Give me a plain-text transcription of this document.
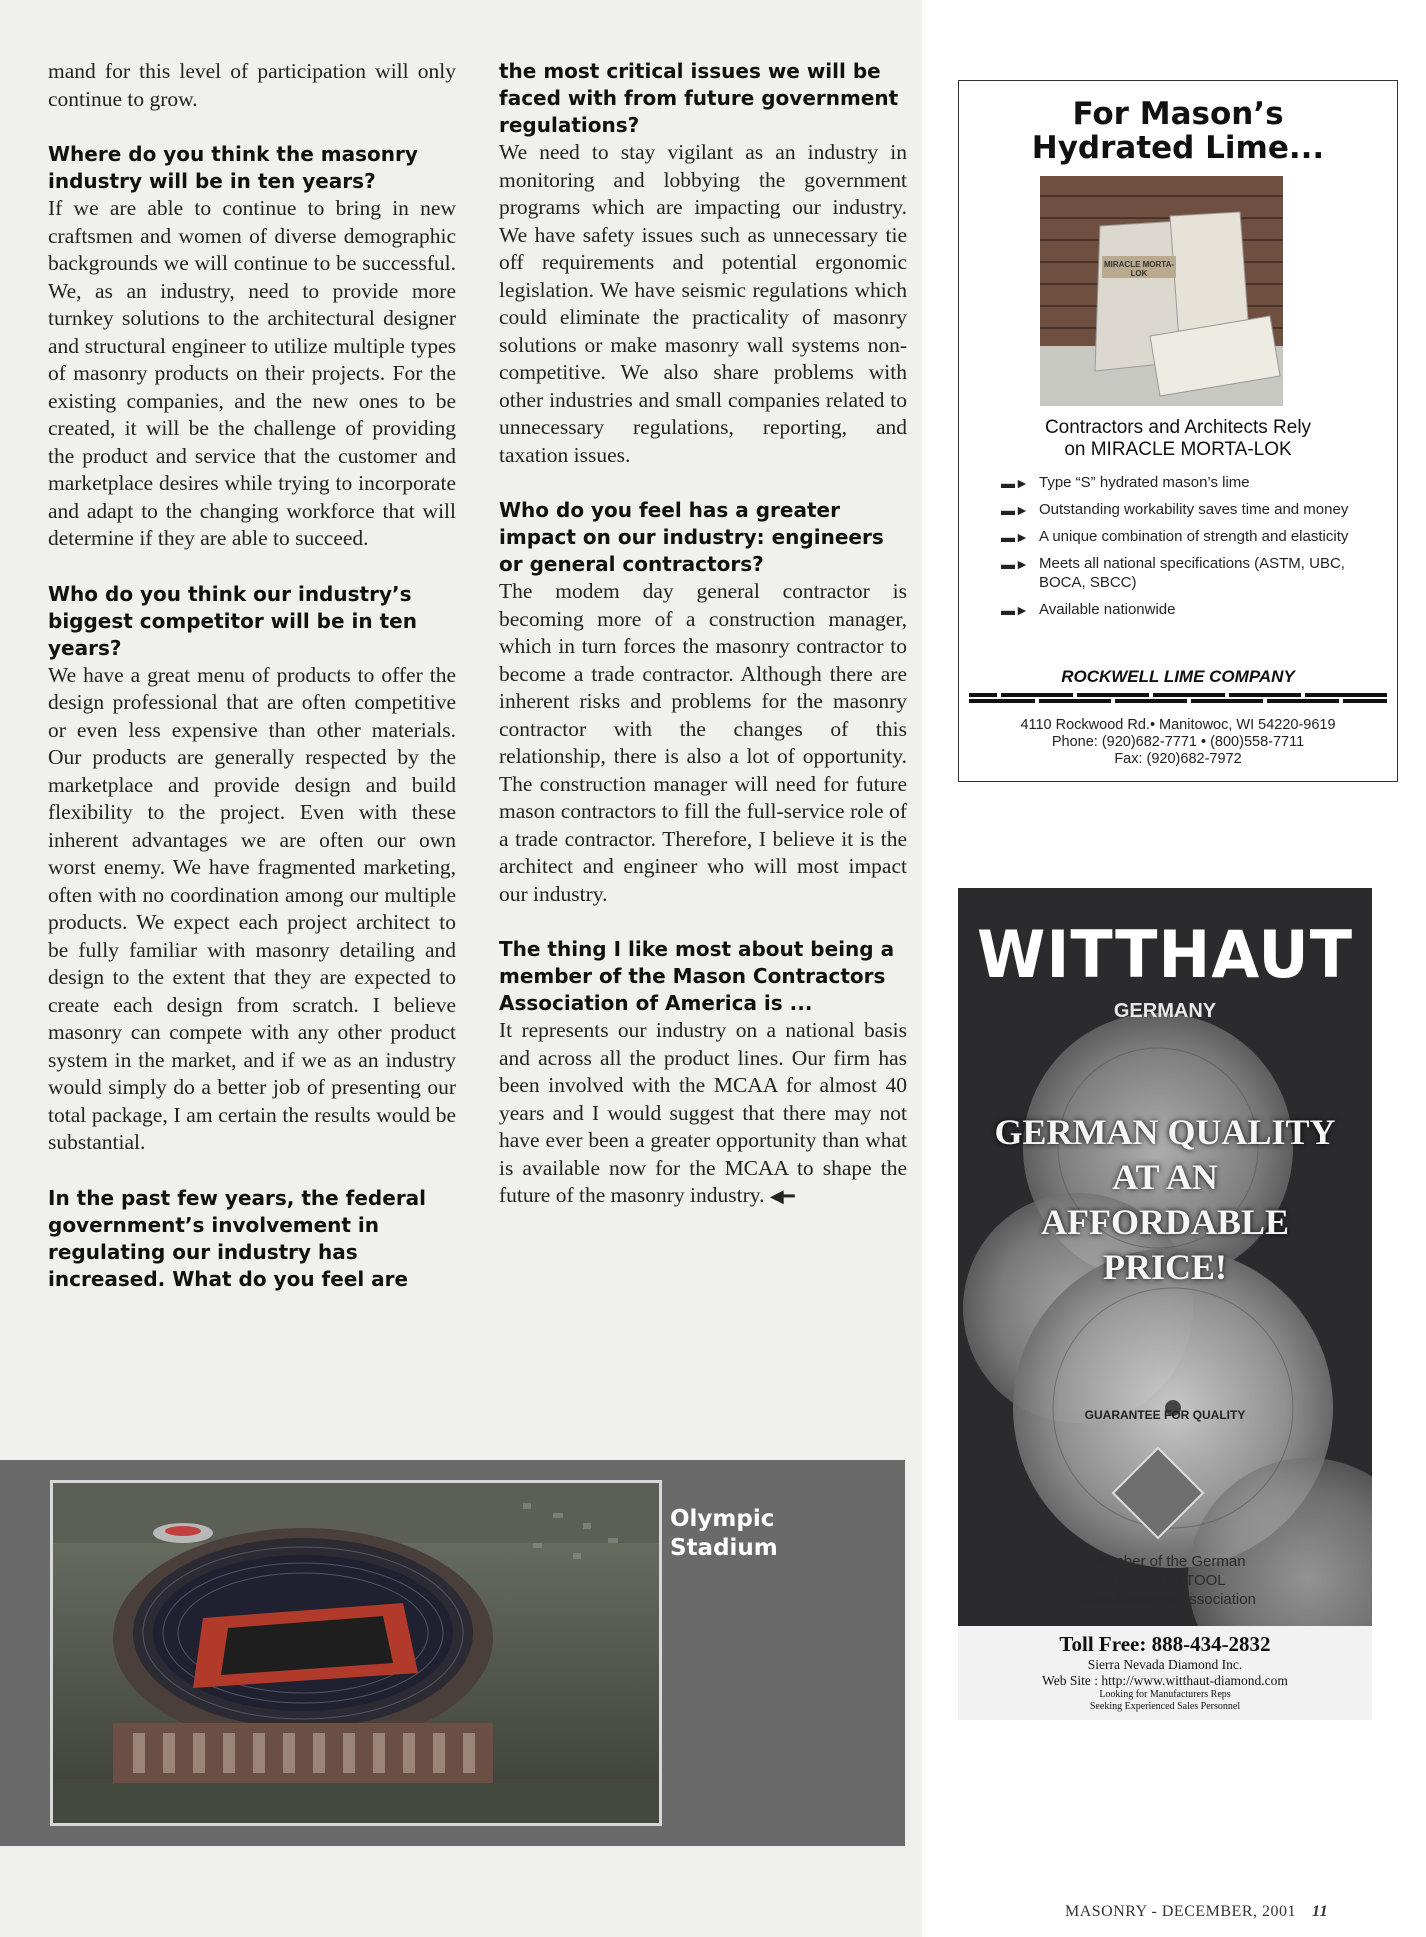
mand for this level of participation will only continue to grow.

Where do you think the masonry industry will be in ten years?

If we are able to continue to bring in new craftsmen and women of diverse demographic backgrounds we will continue to be successful. We, as an industry, need to provide more turnkey solutions to the architectural designer and structural engineer to utilize multiple types of masonry products on their projects. For the existing companies, and the new ones to be created, it will be the challenge of providing the product and service that the customer and marketplace desires while trying to incorporate and adapt to the changing workforce that will determine if they are able to succeed.

Who do you think our industry’s biggest competitor will be in ten years?

We have a great menu of products to offer the design professional that are often competitive or even less expensive than other materials. Our products are generally respected by the marketplace and provide design and build flexibility to the project. Even with these inherent advantages we are often our own worst enemy. We have fragmented marketing, often with no coordination among our multiple products. We expect each project architect to be fully familiar with masonry detailing and design to the extent that they are expected to create each design from scratch. I believe masonry can compete with any other product system in the market, and if we as an industry would simply do a better job of presenting our total package, I am certain the results would be substantial.

In the past few years, the federal government’s involvement in regulating our industry has increased. What do you feel are
the most critical issues we will be faced with from future government regulations?

We need to stay vigilant as an industry in monitoring and lobbying the government programs which are impacting our industry. We have safety issues such as unnecessary tie off requirements and potential ergonomic legislation. We have seismic regulations which could eliminate the practicality of masonry solutions or make masonry wall systems non-competitive. We also share problems with other industries and small companies related to unnecessary regulations, reporting, and taxation issues.

Who do you feel has a greater impact on our industry: engineers or general contractors?

The modem day general contractor is becoming more of a construction manager, which in turn forces the masonry contractor to become a trade contractor. Although there are inherent risks and problems for the masonry contractor with the changes of this relationship, there is also a lot of opportunity. The construction manager will need for future mason contractors to fill the full-service role of a trade contractor. Therefore, I believe it is the architect and engineer who will most impact our industry.

The thing I like most about being a member of the Mason Contractors Association of America is ...

It represents our industry on a national basis and across all the product lines. Our firm has been involved with the MCAA for almost 40 years and I would suggest that there may not have ever been a greater opportunity than what is available now for the MCAA to shape the future of the masonry industry. ◀━

Olympic
Stadium
For Mason’s
Hydrated Lime...
MIRACLE MORTA-LOK
Contractors and Architects Rely
on MIRACLE MORTA-LOK
▬► Type “S” hydrated mason’s lime
▬► Outstanding workability saves time and money
▬► A unique combination of strength and elasticity
▬► Meets all national specifications (ASTM, UBC, BOCA, SBCC)
▬► Available nationwide
ROCKWELL LIME COMPANY
4110 Rockwood Rd.• Manitowoc, WI 54220-9619
Phone: (920)682-7771 • (800)558-7711
Fax: (920)682-7972
WITTHAUT
GERMANY
GERMAN QUALITY
AT AN
AFFORDABLE
PRICE!
GUARANTEE FOR QUALITY
Member of the German
DIAMOND TOOL
Manufacturers Association
Toll Free: 888-434-2832
Sierra Nevada Diamond Inc.
Web Site : http://www.witthaut-diamond.com
Looking for Manufacturers Reps
Seeking Experienced Sales Personnel
MASONRY - DECEMBER, 2001 11
